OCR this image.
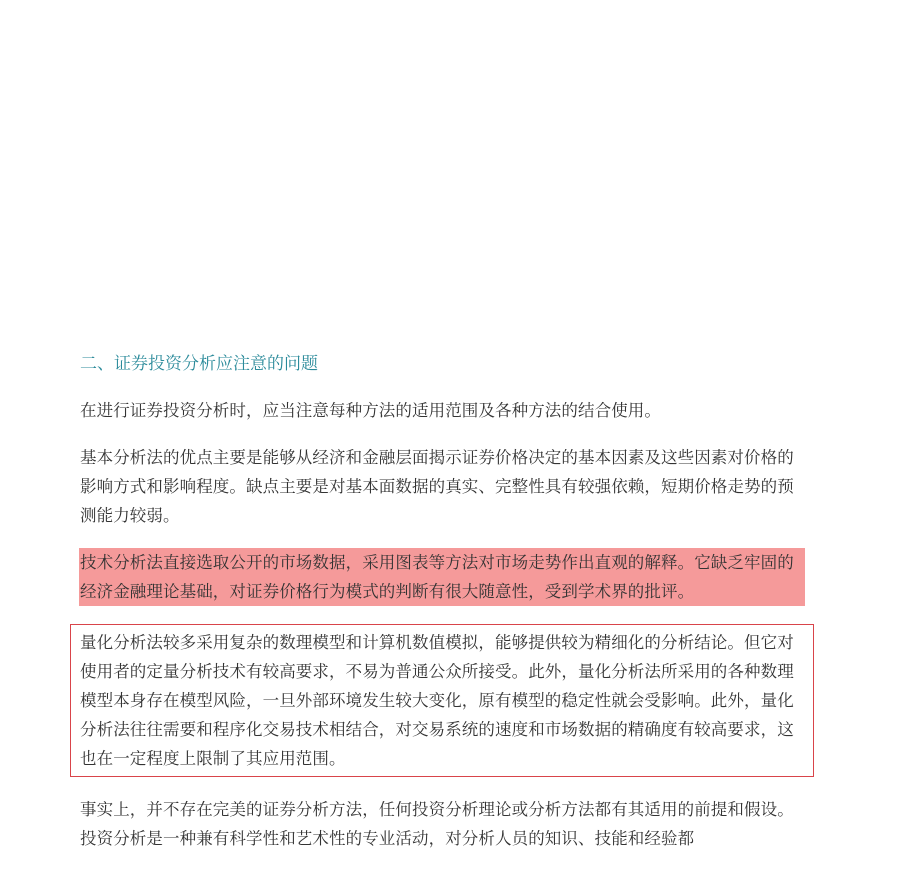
二、证券投资分析应注意的问题

在进行证券投资分析时，应当注意每种方法的适用范围及各种方法的结合使用。

基本分析法的优点主要是能够从经济和金融层面揭示证券价格决定的基本因素及这些因素对价格的影响方式和影响程度。缺点主要是对基本面数据的真实、完整性具有较强依赖，短期价格走势的预测能力较弱。

技术分析法直接选取公开的市场数据，采用图表等方法对市场走势作出直观的解释。它缺乏牢固的经济金融理论基础，对证券价格行为模式的判断有很大随意性，受到学术界的批评。

量化分析法较多采用复杂的数理模型和计算机数值模拟，能够提供较为精细化的分析结论。但它对使用者的定量分析技术有较高要求，不易为普通公众所接受。此外，量化分析法所采用的各种数理模型本身存在模型风险，一旦外部环境发生较大变化，原有模型的稳定性就会受影响。此外，量化分析法往往需要和程序化交易技术相结合，对交易系统的速度和市场数据的精确度有较高要求，这也在一定程度上限制了其应用范围。

事实上，并不存在完美的证券分析方法，任何投资分析理论或分析方法都有其适用的前提和假设。投资分析是一种兼有科学性和艺术性的专业活动，对分析人员的知识、技能和经验都
